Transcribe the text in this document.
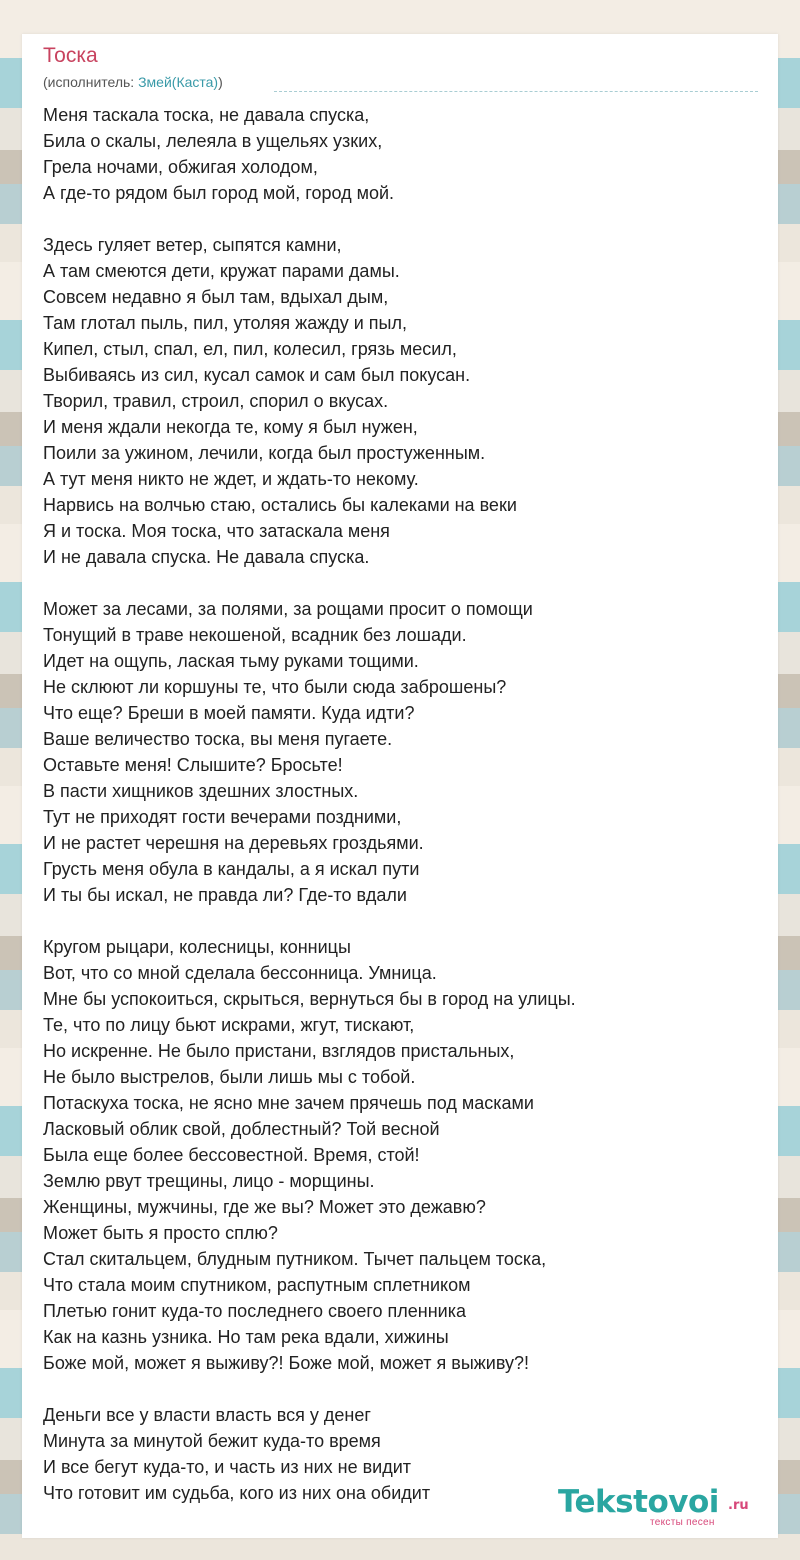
Тоска
(исполнитель: Змей(Каста))
Меня таскала тоска, не давала спуска,
Била о скалы, лелеяла в ущельях узких,
Грела ночами, обжигая холодом,
А где-то рядом был город мой, город мой.
Здесь гуляет ветер, сыпятся камни,
А там смеются дети, кружат парами дамы.
Совсем недавно я был там, вдыхал дым,
Там глотал пыль, пил, утоляя жажду и пыл,
Кипел, стыл, спал, ел, пил, колесил, грязь месил,
Выбиваясь из сил, кусал самок и сам был покусан.
Творил, травил, строил, спорил о вкусах.
И меня ждали некогда те, кому я был нужен,
Поили за ужином, лечили, когда был простуженным.
А тут меня никто не ждет, и ждать-то некому.
Нарвись на волчью стаю, остались бы калеками на веки
Я и тоска. Моя тоска, что затаскала меня
И не давала спуска. Не давала спуска.
Может за лесами, за полями, за рощами просит о помощи
Тонущий в траве некошеной, всадник без лошади.
Идет на ощупь, лаская тьму руками тощими.
Не склюют ли коршуны те, что были сюда заброшены?
Что еще? Бреши в моей памяти. Куда идти?
Ваше величество тоска, вы меня пугаете.
Оставьте меня! Слышите? Бросьте!
В пасти хищников здешних злостных.
Тут не приходят гости вечерами поздними,
И не растет черешня на деревьях гроздьями.
Грусть меня обула в кандалы, а я искал пути
И ты бы искал, не правда ли? Где-то вдали
Кругом рыцари, колесницы, конницы
Вот, что со мной сделала бессонница. Умница.
Мне бы успокоиться, скрыться, вернуться бы в город на улицы.
Те, что по лицу бьют искрами, жгут, тискают,
Но искренне. Не было пристани, взглядов пристальных,
Не было выстрелов, были лишь мы с тобой.
Потаскуха тоска, не ясно мне зачем прячешь под масками
Ласковый облик свой, доблестный? Той весной
Была еще более бессовестной. Время, стой!
Землю рвут трещины, лицо - морщины.
Женщины, мужчины, где же вы? Может это дежавю?
Может быть я просто сплю?
Стал скитальцем, блудным путником. Тычет пальцем тоска,
Что стала моим спутником, распутным сплетником
Плетью гонит куда-то последнего своего пленника
Как на казнь узника. Но там река вдали, хижины
Боже мой, может я выживу?! Боже мой, может я выживу?!
Деньги все у власти власть вся у денег
Минута за минутой бежит куда-то время
И все бегут куда-то, и часть из них не видит
Что готовит им судьба, кого из них она обидит	Tekstovoi .ru
тексты песен
